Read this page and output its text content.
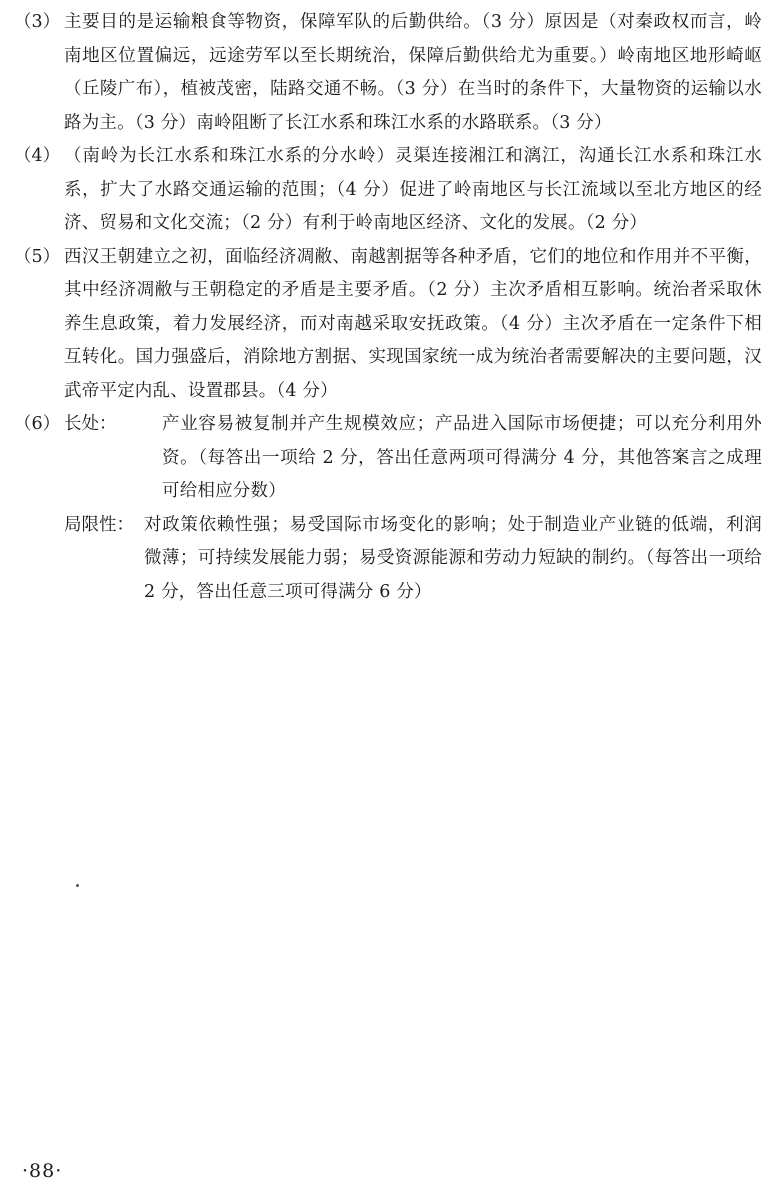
（3） 主要目的是运输粮食等物资，保障军队的后勤供给。（3 分）原因是（对秦政权而言，岭南地区位置偏远，远途劳军以至长期统治，保障后勤供给尤为重要。）岭南地区地形崎岖（丘陵广布），植被茂密，陆路交通不畅。（3 分）在当时的条件下，大量物资的运输以水路为主。（3 分）南岭阻断了长江水系和珠江水系的水路联系。（3 分）
（4） （南岭为长江水系和珠江水系的分水岭）灵渠连接湘江和漓江，沟通长江水系和珠江水系，扩大了水路交通运输的范围；（4 分）促进了岭南地区与长江流域以至北方地区的经济、贸易和文化交流；（2 分）有利于岭南地区经济、文化的发展。（2 分）
（5） 西汉王朝建立之初，面临经济凋敝、南越割据等各种矛盾，它们的地位和作用并不平衡，其中经济凋敝与王朝稳定的矛盾是主要矛盾。（2 分）主次矛盾相互影响。统治者采取休养生息政策，着力发展经济，而对南越采取安抚政策。（4 分）主次矛盾在一定条件下相互转化。国力强盛后，消除地方割据、实现国家统一成为统治者需要解决的主要问题，汉武帝平定内乱、设置郡县。（4 分）
（6） 长处：	产业容易被复制并产生规模效应；产品进入国际市场便捷；可以充分利用外资。（每答出一项给 2 分，答出任意两项可得满分 4 分，其他答案言之成理可给相应分数）
局限性： 对政策依赖性强；易受国际市场变化的影响；处于制造业产业链的低端，利润微薄；可持续发展能力弱；易受资源能源和劳动力短缺的制约。（每答出一项给 2 分，答出任意三项可得满分 6 分）
·88·
